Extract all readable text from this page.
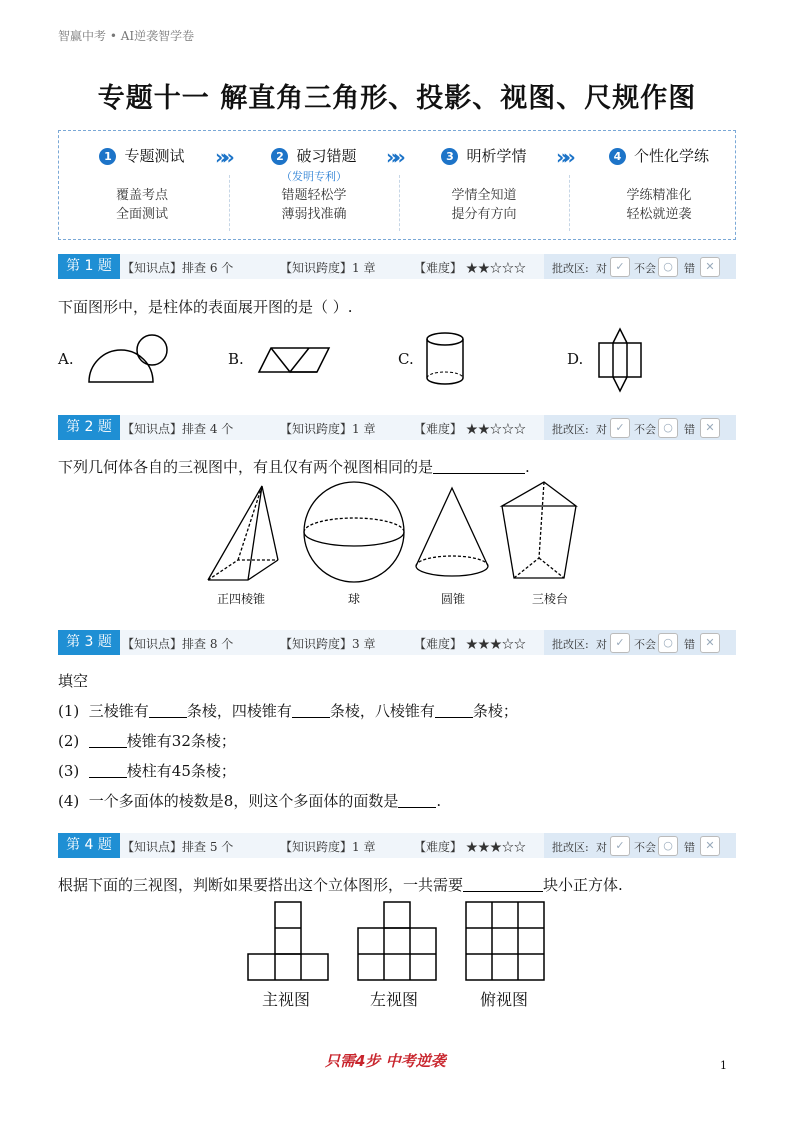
智赢中考 • AI逆袭智学卷
专题十一 解直角三角形、投影、视图、尺规作图
1 专题测试
覆盖考点
全面测试
»»	2 破习错题
（发明专利）
错题轻松学
薄弱找准确
»»	3 明析学情
学情全知道
提分有方向
»»	4 个性化学练
学练精准化
轻松就逆袭
第 1 题 【知识点】排查 6 个	【知识跨度】1 章	【难度】 ★★☆☆☆ 批改区: 对 ✓ 不会 ○	错 ✕
下面图形中，是柱体的表面展开图的是（ ）.
A.	B.	C.	D.
第 2 题 【知识点】排查 4 个	【知识跨度】1 章	【难度】 ★★☆☆☆ 批改区: 对 ✓ 不会 ○	错 ✕
下列几何体各自的三视图中，有且仅有两个视图相同的是	.
正四棱锥	球	圆锥	三棱台
第 3 题 【知识点】排查 8 个	【知识跨度】3 章	【难度】 ★★★☆☆ 批改区: 对 ✓ 不会 ○	错 ✕
填空
(1) 三棱锥有	条棱，四棱锥有	条棱，八棱锥有	条棱；
(2)	棱锥有32条棱；
(3)	棱柱有45条棱；
(4) 一个多面体的棱数是8，则这个多面体的面数是	.
第 4 题 【知识点】排查 5 个	【知识跨度】1 章	【难度】 ★★★☆☆ 批改区: 对 ✓ 不会 ○	错 ✕
根据下面的三视图，判断如果要搭出这个立体图形，一共需要	块小正方体.
主视图	左视图	俯视图
只需4步 中考逆袭	1
